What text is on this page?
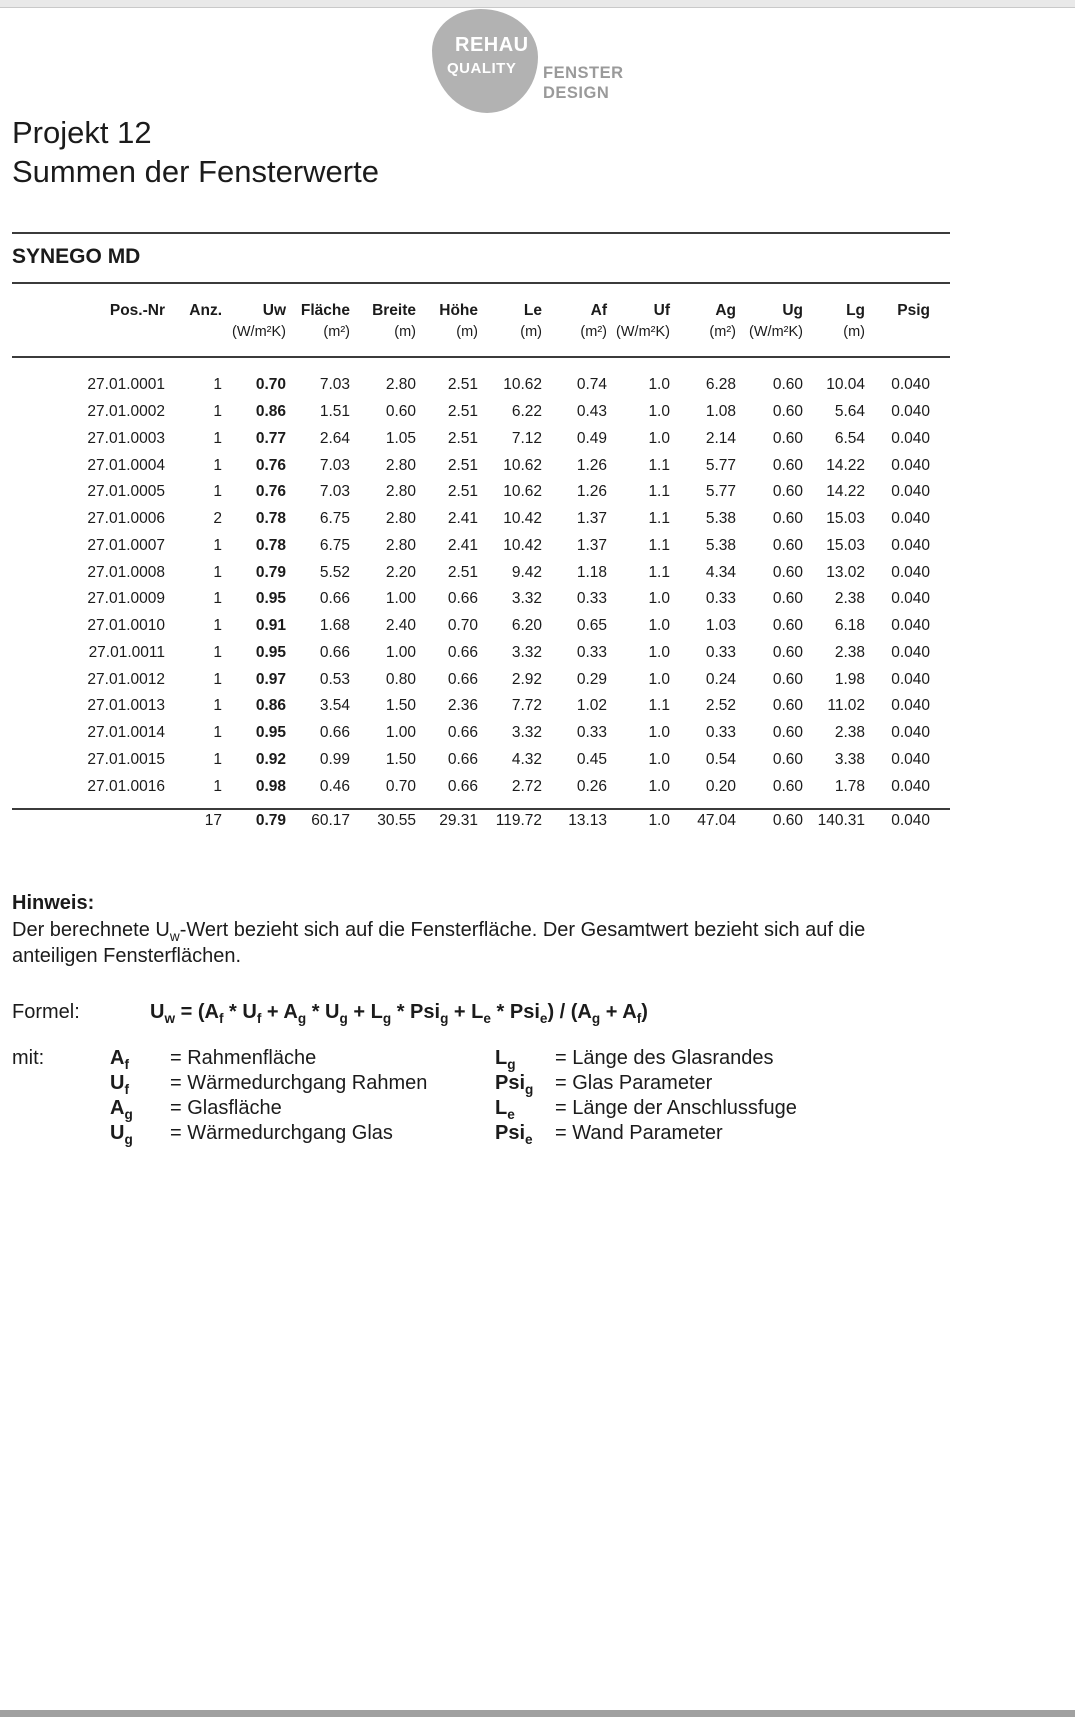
REHAU
QUALITY FENSTER
DESIGN
Projekt 12
Summen der Fensterwerte
SYNEGO MD
Pos.-Nr	Anz.	Uw	Fläche	Breite	Höhe	Le	Af	Uf	Ag	Ug	Lg	Psig
		(W/m²K)	(m²)	(m)	(m)	(m)	(m²)	(W/m²K)	(m²)	(W/m²K)	(m)	
27.01.0001	1	0.70	7.03	2.80	2.51	10.62	0.74	1.0	6.28	0.60	10.04	0.040
27.01.0002	1	0.86	1.51	0.60	2.51	6.22	0.43	1.0	1.08	0.60	5.64	0.040
27.01.0003	1	0.77	2.64	1.05	2.51	7.12	0.49	1.0	2.14	0.60	6.54	0.040
27.01.0004	1	0.76	7.03	2.80	2.51	10.62	1.26	1.1	5.77	0.60	14.22	0.040
27.01.0005	1	0.76	7.03	2.80	2.51	10.62	1.26	1.1	5.77	0.60	14.22	0.040
27.01.0006	2	0.78	6.75	2.80	2.41	10.42	1.37	1.1	5.38	0.60	15.03	0.040
27.01.0007	1	0.78	6.75	2.80	2.41	10.42	1.37	1.1	5.38	0.60	15.03	0.040
27.01.0008	1	0.79	5.52	2.20	2.51	9.42	1.18	1.1	4.34	0.60	13.02	0.040
27.01.0009	1	0.95	0.66	1.00	0.66	3.32	0.33	1.0	0.33	0.60	2.38	0.040
27.01.0010	1	0.91	1.68	2.40	0.70	6.20	0.65	1.0	1.03	0.60	6.18	0.040
27.01.0011	1	0.95	0.66	1.00	0.66	3.32	0.33	1.0	0.33	0.60	2.38	0.040
27.01.0012	1	0.97	0.53	0.80	0.66	2.92	0.29	1.0	0.24	0.60	1.98	0.040
27.01.0013	1	0.86	3.54	1.50	2.36	7.72	1.02	1.1	2.52	0.60	11.02	0.040
27.01.0014	1	0.95	0.66	1.00	0.66	3.32	0.33	1.0	0.33	0.60	2.38	0.040
27.01.0015	1	0.92	0.99	1.50	0.66	4.32	0.45	1.0	0.54	0.60	3.38	0.040
27.01.0016	1	0.98	0.46	0.70	0.66	2.72	0.26	1.0	0.20	0.60	1.78	0.040
	17	0.79	60.17	30.55	29.31	119.72	13.13	1.0	47.04	0.60	140.31	0.040
Hinweis:
Der berechnete $U_w$-Wert bezieht sich auf die Fensterfläche. Der Gesamtwert bezieht sich auf die
anteiligen Fensterflächen.
Formel:	$U_w = (A_f * U_f + A_g * U_g + L_g * Psi_g + L_e * Psi_e) / (A_g + A_f)$
mit:	$A_f$	= Rahmenfläche	$L_g$	= Länge des Glasrandes
$U_f$	= Wärmedurchgang Rahmen	Psi$_g$	= Glas Parameter
$A_g$	= Glasfläche	$L_e$	= Länge der Anschlussfuge
$U_g$	= Wärmedurchgang Glas	Psi$_e$	= Wand Parameter
